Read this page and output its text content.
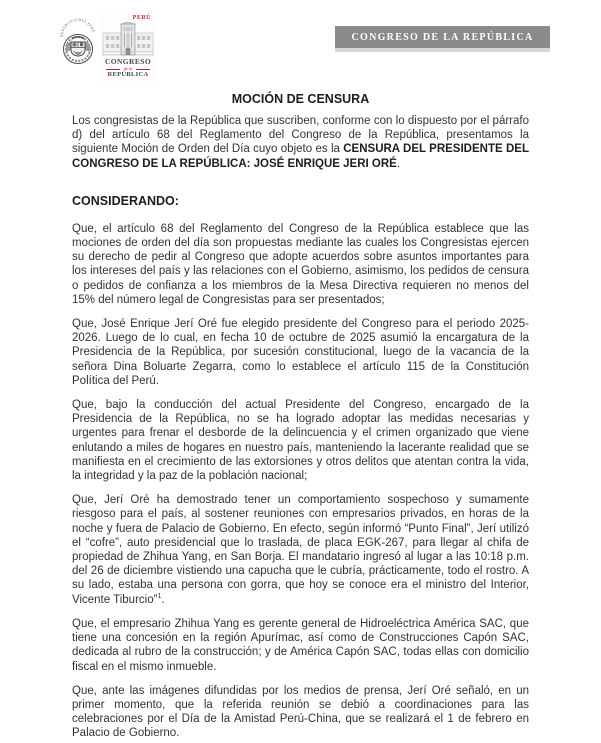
REPÚBLICA DEL PERÚ
PERÚ
CONGRESO
de la
REPÚBLICA
CONGRESO DE LA REPÚBLICA
MOCIÓN DE CENSURA

Los congresistas de la República que suscriben, conforme con lo dispuesto por el párrafo d) del artículo 68 del Reglamento del Congreso de la República, presentamos la siguiente Moción de Orden del Día cuyo objeto es la CENSURA DEL PRESIDENTE DEL CONGRESO DE LA REPÚBLICA: JOSÉ ENRIQUE JERI ORÉ.

CONSIDERANDO:

Que, el artículo 68 del Reglamento del Congreso de la República establece que las mociones de orden del día son propuestas mediante las cuales los Congresistas ejercen su derecho de pedir al Congreso que adopte acuerdos sobre asuntos importantes para los intereses del país y las relaciones con el Gobierno, asimismo, los pedidos de censura o pedidos de confianza a los miembros de la Mesa Directiva requieren no menos del 15% del número legal de Congresistas para ser presentados;

Que, José Enrique Jerí Oré fue elegido presidente del Congreso para el periodo 2025-2026. Luego de lo cual, en fecha 10 de octubre de 2025 asumió la encargatura de la Presidencia de la República, por sucesión constitucional, luego de la vacancia de la señora Dina Boluarte Zegarra, como lo establece el artículo 115 de la Constitución Política del Perú.

Que, bajo la conducción del actual Presidente del Congreso, encargado de la Presidencia de la República, no se ha logrado adoptar las medidas necesarias y urgentes para frenar el desborde de la delincuencia y el crimen organizado que viene enlutando a miles de hogares en nuestro país, manteniendo la lacerante realidad que se manifiesta en el crecimiento de las extorsiones y otros delitos que atentan contra la vida, la integridad y la paz de la población nacional;

Que, Jerí Oré ha demostrado tener un comportamiento sospechoso y sumamente riesgoso para el país, al sostener reuniones con empresarios privados, en horas de la noche y fuera de Palacio de Gobierno. En efecto, según informó “Punto Final”, Jerí utilizó el “cofre”, auto presidencial que lo traslada, de placa EGK-267, para llegar al chifa de propiedad de Zhihua Yang, en San Borja. El mandatario ingresó al lugar a las 10:18 p.m. del 26 de diciembre vistiendo una capucha que le cubría, prácticamente, todo el rostro. A su lado, estaba una persona con gorra, que hoy se conoce era el ministro del Interior, Vicente Tiburcio”$^1$.

Que, el empresario Zhihua Yang es gerente general de Hidroeléctrica América SAC, que tiene una concesión en la región Apurímac, así como de Construcciones Capón SAC, dedicada al rubro de la construcción; y de América Capón SAC, todas ellas con domicilio fiscal en el mismo inmueble.

Que, ante las imágenes difundidas por los medios de prensa, Jerí Oré señaló, en un primer momento, que la referida reunión se debió a coordinaciones para las celebraciones por el Día de la Amistad Perú-China, que se realizará el 1 de febrero en Palacio de Gobierno.
